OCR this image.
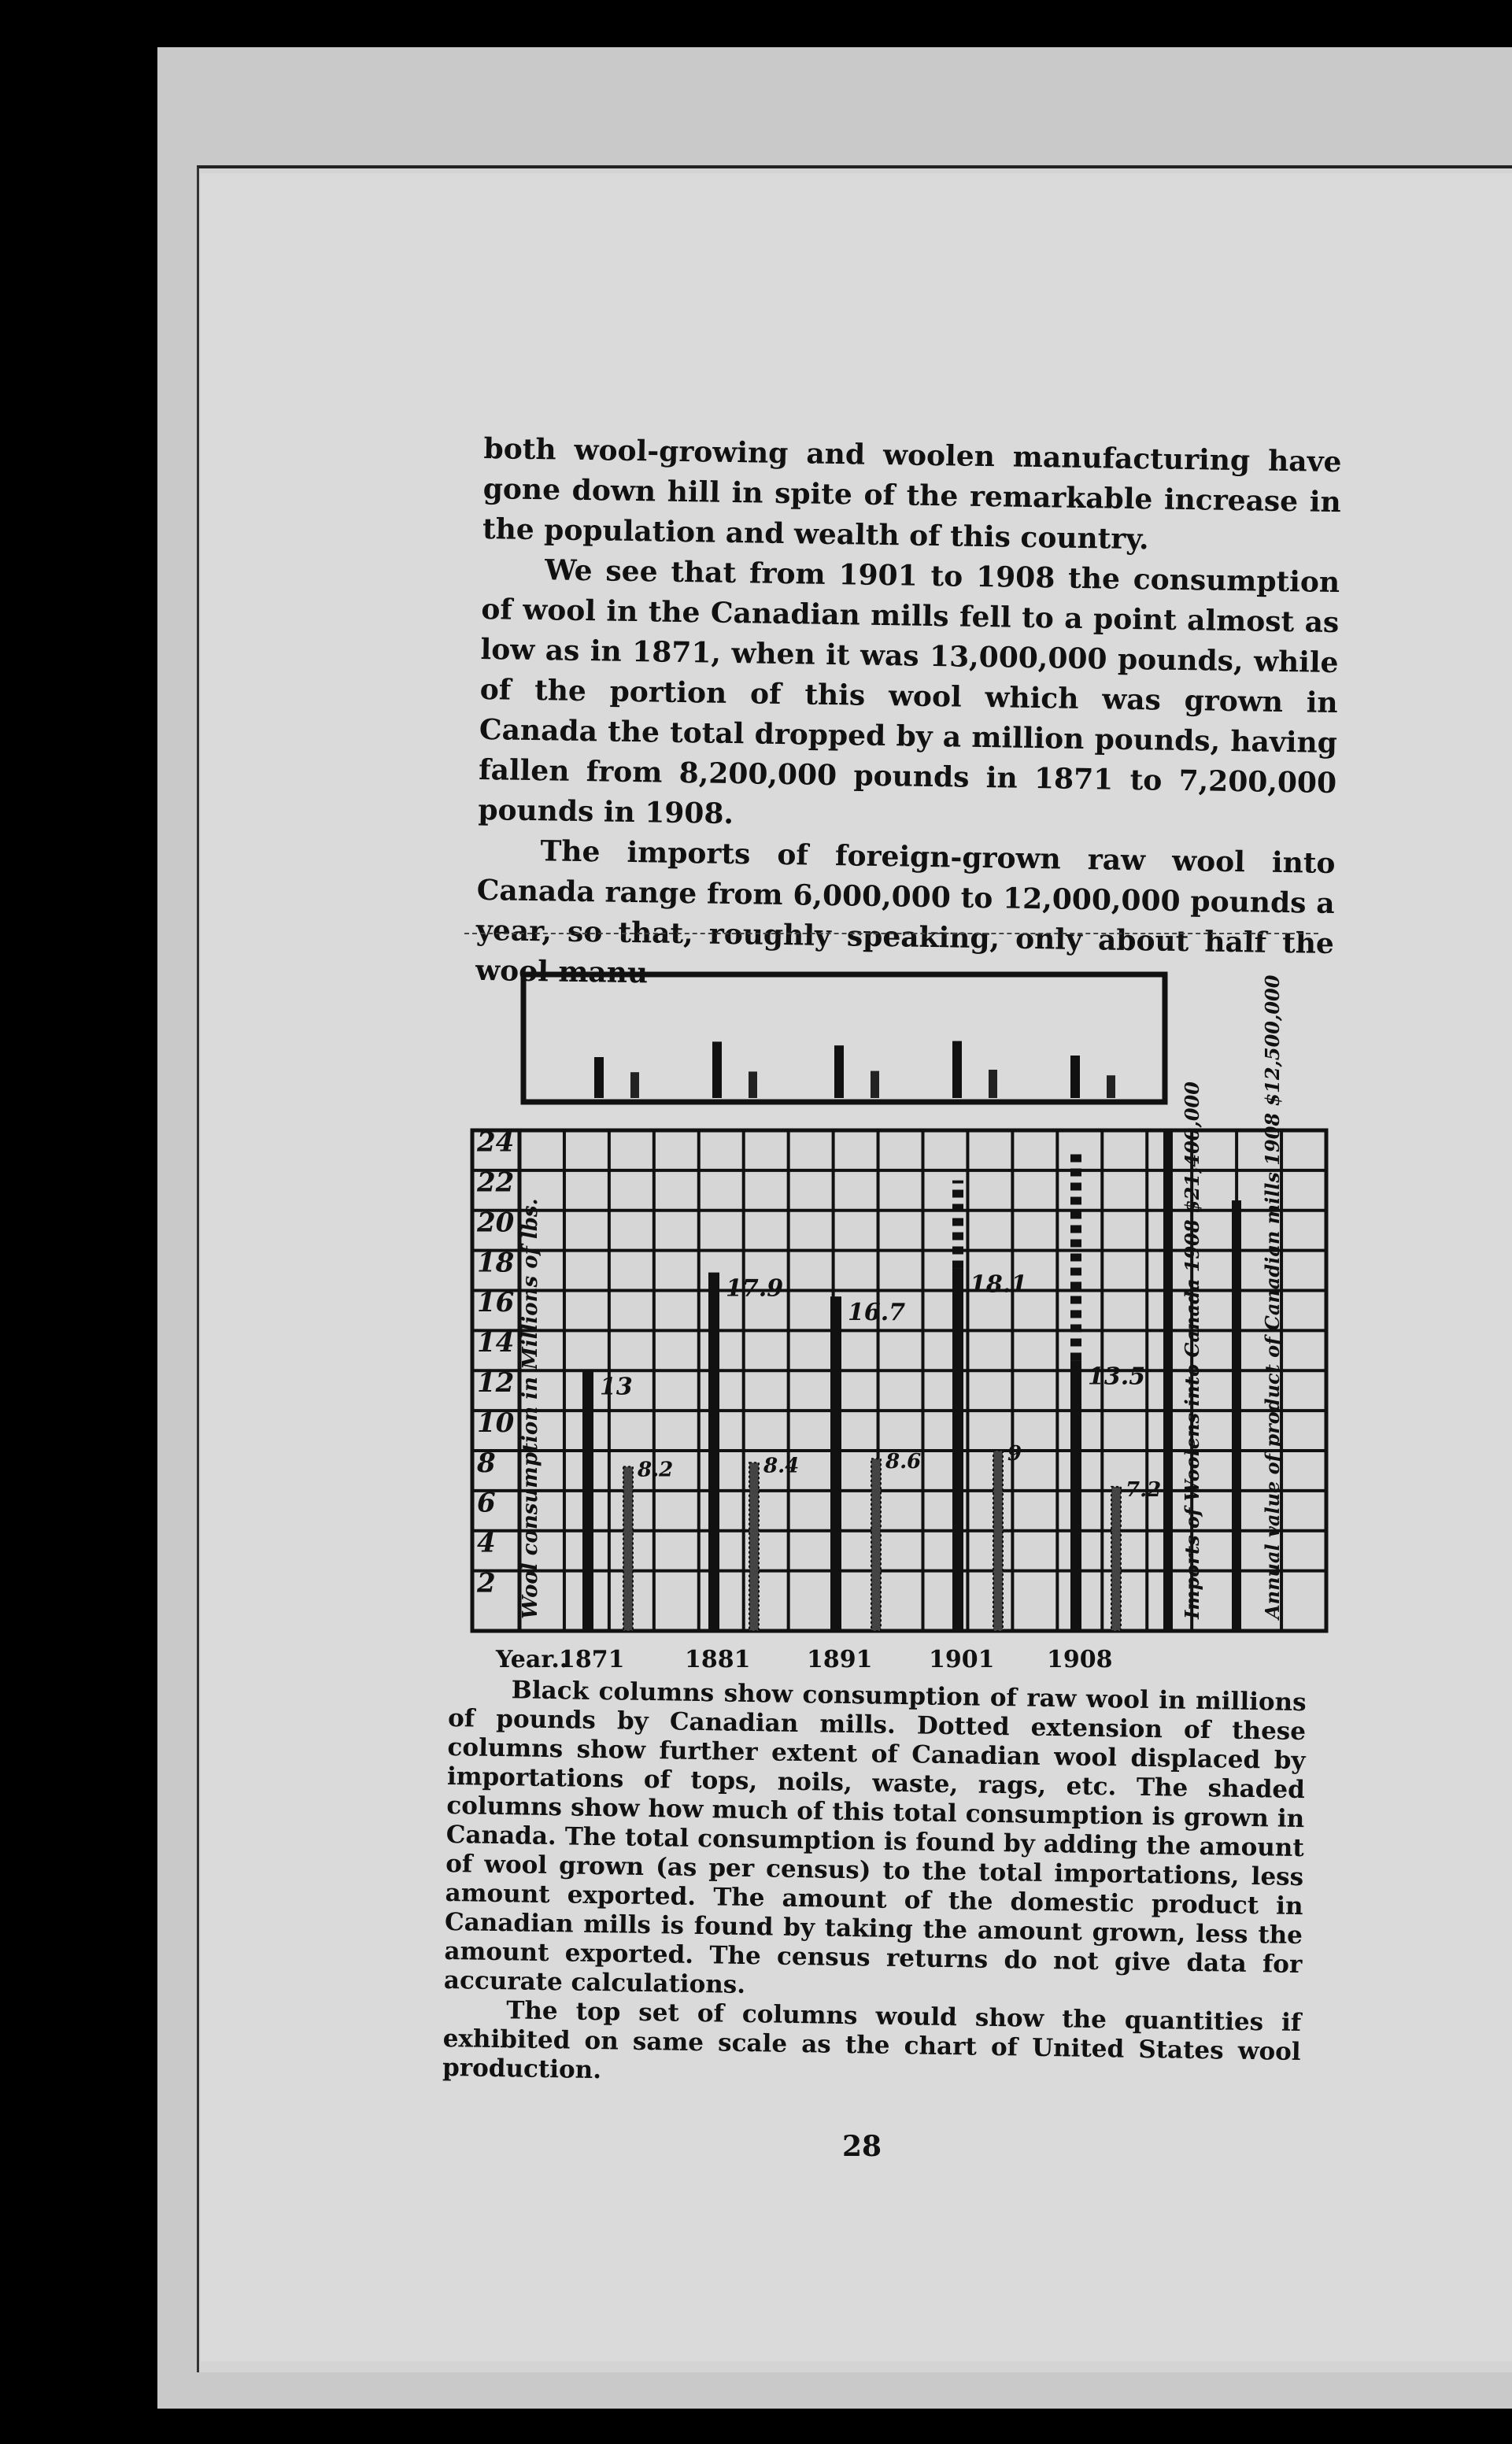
both wool-growing and woolen manufacturing have gone down hill in spite of the remarkable increase in the population and wealth of this country.

We see that from 1901 to 1908 the consumption of wool in the Canadian mills fell to a point almost as low as in 1871, when it was 13,000,000 pounds, while of the portion of this wool which was grown in Canada the total dropped by a million pounds, having fallen from 8,200,000 pounds in 1871 to 7,200,000 pounds in 1908.

The imports of foreign-grown raw wool into Canada range from 6,000,000 to 12,000,000 pounds a year, so that, roughly speaking, only about half the wool manu-

2
4
6
8
10
12
14
16
18
20
22
24
Wool consumption in Millions of lbs. 13
8.2
1871
17.9
8.4
1881
16.7
8.6
1891
18.1
9
1901
13.5
7.2
1908
Year..
Imports of Woolens into Canada 1908 $21,400,000	Annual value of product of Canadian mills 1908 $12,500,000

Black columns show consumption of raw wool in millions of pounds by Canadian mills. Dotted extension of these columns show further extent of Canadian wool displaced by importations of tops, noils, waste, rags, etc. The shaded columns show how much of this total consumption is grown in Canada. The total consumption is found by adding the amount of wool grown (as per census) to the total importations, less amount exported. The amount of the domestic product in Canadian mills is found by taking the amount grown, less the amount exported. The census returns do not give data for accurate calculations.

The top set of columns would show the quantities if exhibited on same scale as the chart of United States wool production.

28
